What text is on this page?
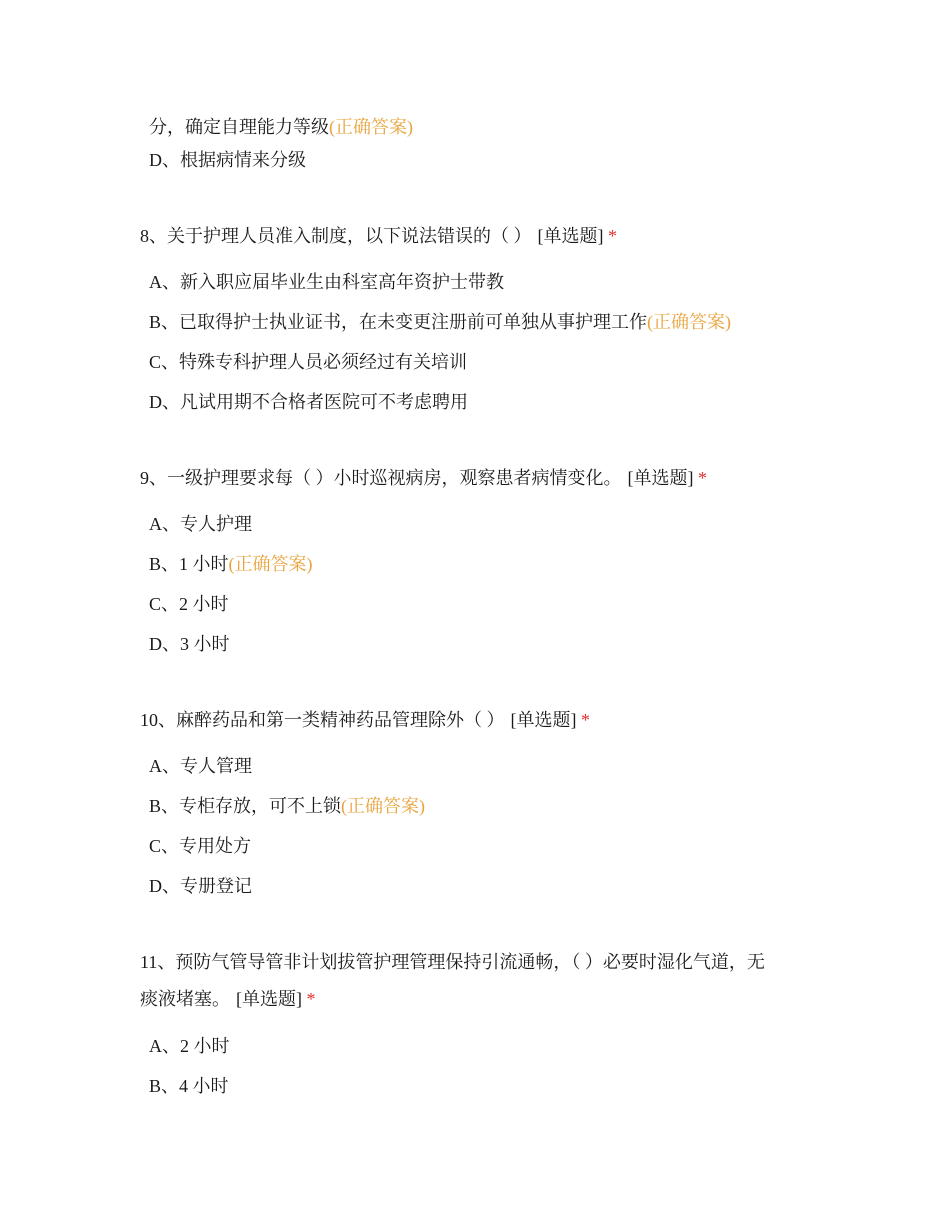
分，确定自理能力等级(正确答案)
D、根据病情来分级
8、关于护理人员准入制度，以下说法错误的（ ） [单选题] *
A、新入职应届毕业生由科室高年资护士带教
B、已取得护士执业证书，在未变更注册前可单独从事护理工作(正确答案)
C、特殊专科护理人员必须经过有关培训
D、凡试用期不合格者医院可不考虑聘用
9、一级护理要求每（ ）小时巡视病房，观察患者病情变化。 [单选题] *
A、专人护理
B、1 小时(正确答案)
C、2 小时
D、3 小时
10、麻醉药品和第一类精神药品管理除外（ ） [单选题] *
A、专人管理
B、专柜存放，可不上锁(正确答案)
C、专用处方
D、专册登记
11、预防气管导管非计划拔管护理管理保持引流通畅，（ ）必要时湿化气道，无
痰液堵塞。 [单选题] *
A、2 小时
B、4 小时
